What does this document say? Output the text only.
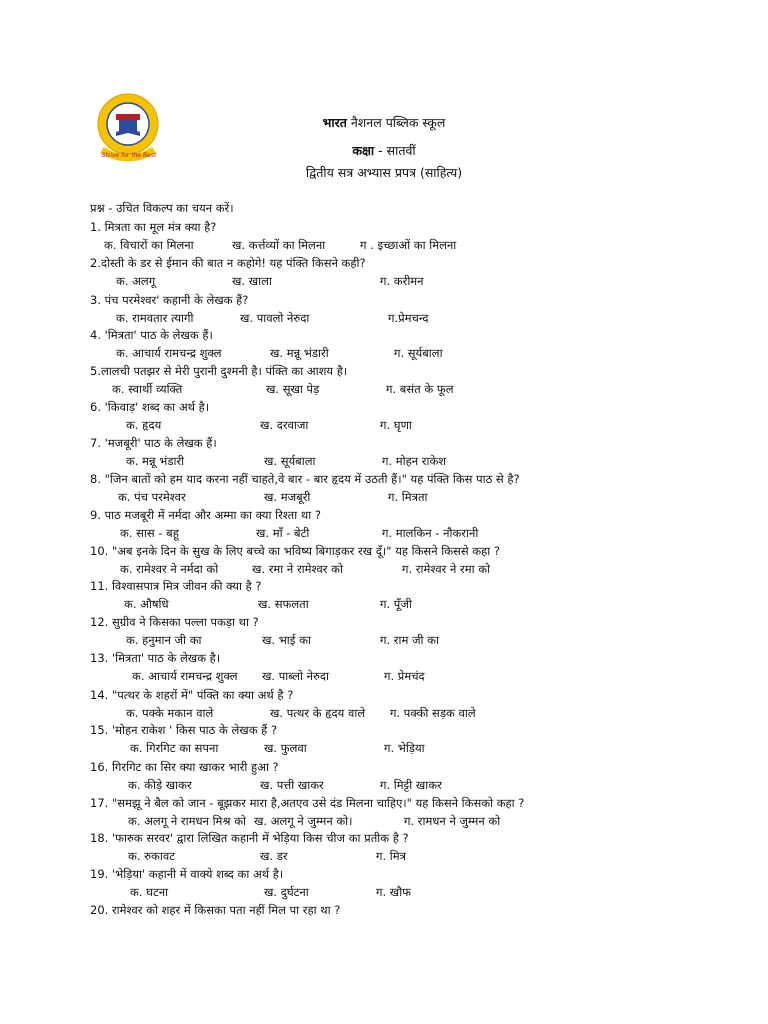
Strive for the Best
भारत नैशनल पब्लिक स्कूल
कक्षा - सातवीं
द्वितीय सत्र अभ्यास प्रपत्र (साहित्य)
प्रश्न - उचित विकल्प का चयन करें।
1. मित्रता का मूल मंत्र क्या है?
क. विचारों का मिलना	ख. कर्त्तव्यों का मिलना	ग . इच्छाओं का मिलना
2.दोस्ती के डर से ईमान की बात न कहोगे! यह पंक्ति किसने कही?
क. अलगू	ख. खाला	ग. करीमन
3. पंच परमेश्वर' कहानी के लेखक हैं?
क. रामवतार त्यागी	ख. पावलो नेरुदा	ग.प्रेमचन्द
4. 'मित्रता' पाठ के लेखक हैं।
क. आचार्य रामचन्द्र शुक्ल	ख. मन्नू भंडारी	ग. सूर्यबाला
5.लालची पतझर से मेरी पुरानी दुश्मनी है। पंक्ति का आशय है।
क. स्वार्थी व्यक्ति	ख. सूखा पेड़	ग. बसंत के फूल
6. 'किवाड़' शब्द का अर्थ है।
क. हृदय	ख. दरवाजा	ग. घृणा
7. 'मजबूरी' पाठ के लेखक हैं।
क. मन्नू भंडारी	ख. सूर्यबाला	ग. मोहन राकेश
8. "जिन बातों को हम याद करना नहीं चाहते,वे बार - बार हृदय में उठती हैं।" यह पंक्ति किस पाठ से है?
क. पंच परमेश्वर	ख. मजबूरी	ग. मित्रता
9. पाठ मजबूरी में नर्मदा और अम्मा का क्या रिश्ता था ?
क. सास - बहू	ख. माँ - बेटी	ग. मालकिन - नौकरानी
10. "अब इनके दिन के सुख के लिए बच्चे का भविष्य बिगाड़कर रख दूँ।" यह किसने किससे कहा ?
क. रामेश्वर ने नर्मदा को	ख. रमा ने रामेश्वर को	ग. रामेश्वर ने रमा को
11. विश्वासपात्र मित्र जीवन की क्या है ?
क. औषधि	ख. सफलता	ग. पूँजी
12. सुग्रीव ने किसका पल्ला पकड़ा था ?
क. हनुमान जी का	ख. भाई का	ग. राम जी का
13. 'मित्रता' पाठ के लेखक है।
क. आचार्य रामचन्द्र शुक्ल ख. पाब्लो नेरुदा	ग. प्रेमचंद
14. "पत्थर के शहरों में" पंक्ति का क्या अर्थ है ?
क. पक्के मकान वाले	ख. पत्थर के हृदय वाले ग. पक्की सड़क वाले
15. 'मोहन राकेश ' किस पाठ के लेखक हैं ?
क. गिरगिट का सपना	ख. फुलवा	ग. भेड़िया
16. गिरगिट का सिर क्या खाकर भारी हुआ ?
क. कीड़े खाकर	ख. पत्ती खाकर	ग. मिट्टी खाकर
17. "समझू ने बैल को जान - बूझकर मारा है,अतएव उसे दंड मिलना चाहिए।" यह किसने किसको कहा ?
क. अलगू ने रामधन मिश्र को ख. अलगू ने जुम्मन को।	ग. रामधन ने जुम्मन को
18. 'फारुक सरवर' द्वारा लिखित कहानी में भेड़िया किस चीज का प्रतीक है ?
क. रुकावट	ख. डर	ग. मित्र
19. 'भेड़िया' कहानी में वाक्ये शब्द का अर्थ है।
क. घटना	ख. दुर्घटना	ग. खौफ
20. रामेश्वर को शहर में किसका पता नहीं मिल पा रहा था ?
